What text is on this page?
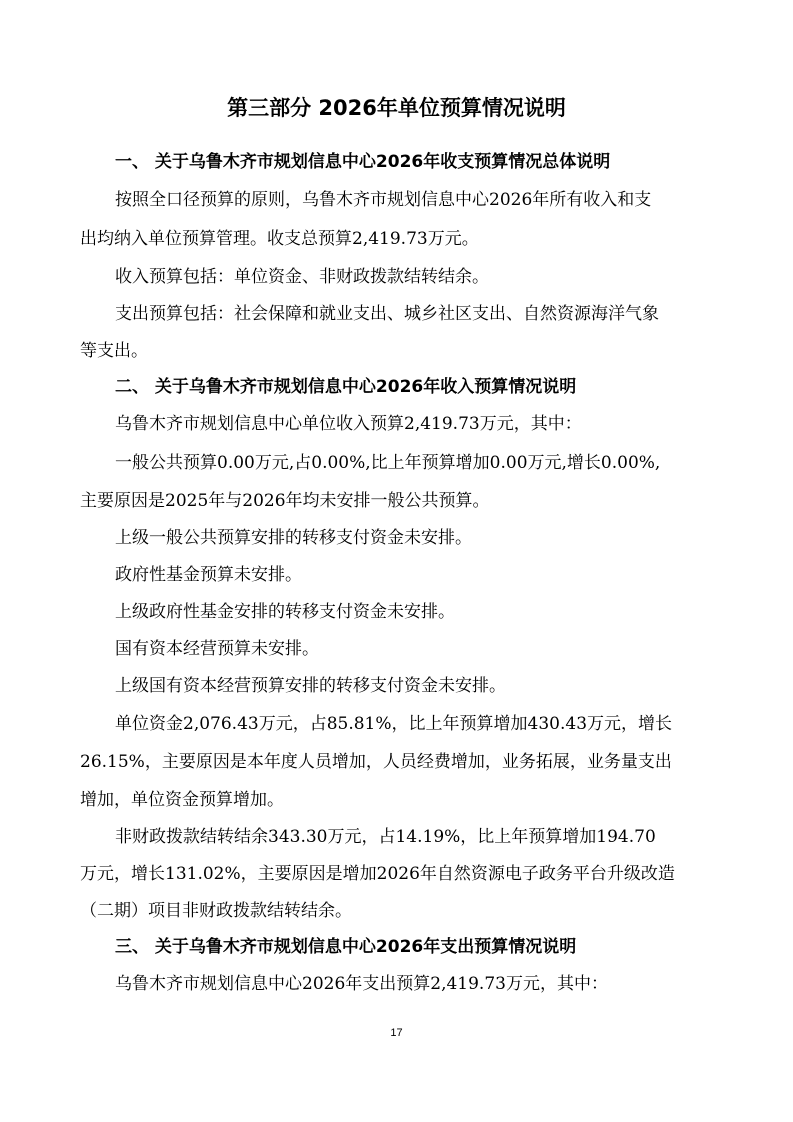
第三部分 2026年单位预算情况说明
一、 关于乌鲁木齐市规划信息中心2026年收支预算情况总体说明
按照全口径预算的原则，乌鲁木齐市规划信息中心2026年所有收入和支
出均纳入单位预算管理。收支总预算2,419.73万元。
收入预算包括：单位资金、非财政拨款结转结余。
支出预算包括：社会保障和就业支出、城乡社区支出、自然资源海洋气象
等支出。
二、 关于乌鲁木齐市规划信息中心2026年收入预算情况说明
乌鲁木齐市规划信息中心单位收入预算2,419.73万元，其中：
一般公共预算0.00万元,占0.00%,比上年预算增加0.00万元,增长0.00%,
主要原因是2025年与2026年均未安排一般公共预算。
上级一般公共预算安排的转移支付资金未安排。
政府性基金预算未安排。
上级政府性基金安排的转移支付资金未安排。
国有资本经营预算未安排。
上级国有资本经营预算安排的转移支付资金未安排。
单位资金2,076.43万元，占85.81%，比上年预算增加430.43万元，增长
26.15%，主要原因是本年度人员增加，人员经费增加，业务拓展，业务量支出
增加，单位资金预算增加。
非财政拨款结转结余343.30万元，占14.19%，比上年预算增加194.70
万元，增长131.02%，主要原因是增加2026年自然资源电子政务平台升级改造
（二期）项目非财政拨款结转结余。
三、 关于乌鲁木齐市规划信息中心2026年支出预算情况说明
乌鲁木齐市规划信息中心2026年支出预算2,419.73万元，其中：
17
